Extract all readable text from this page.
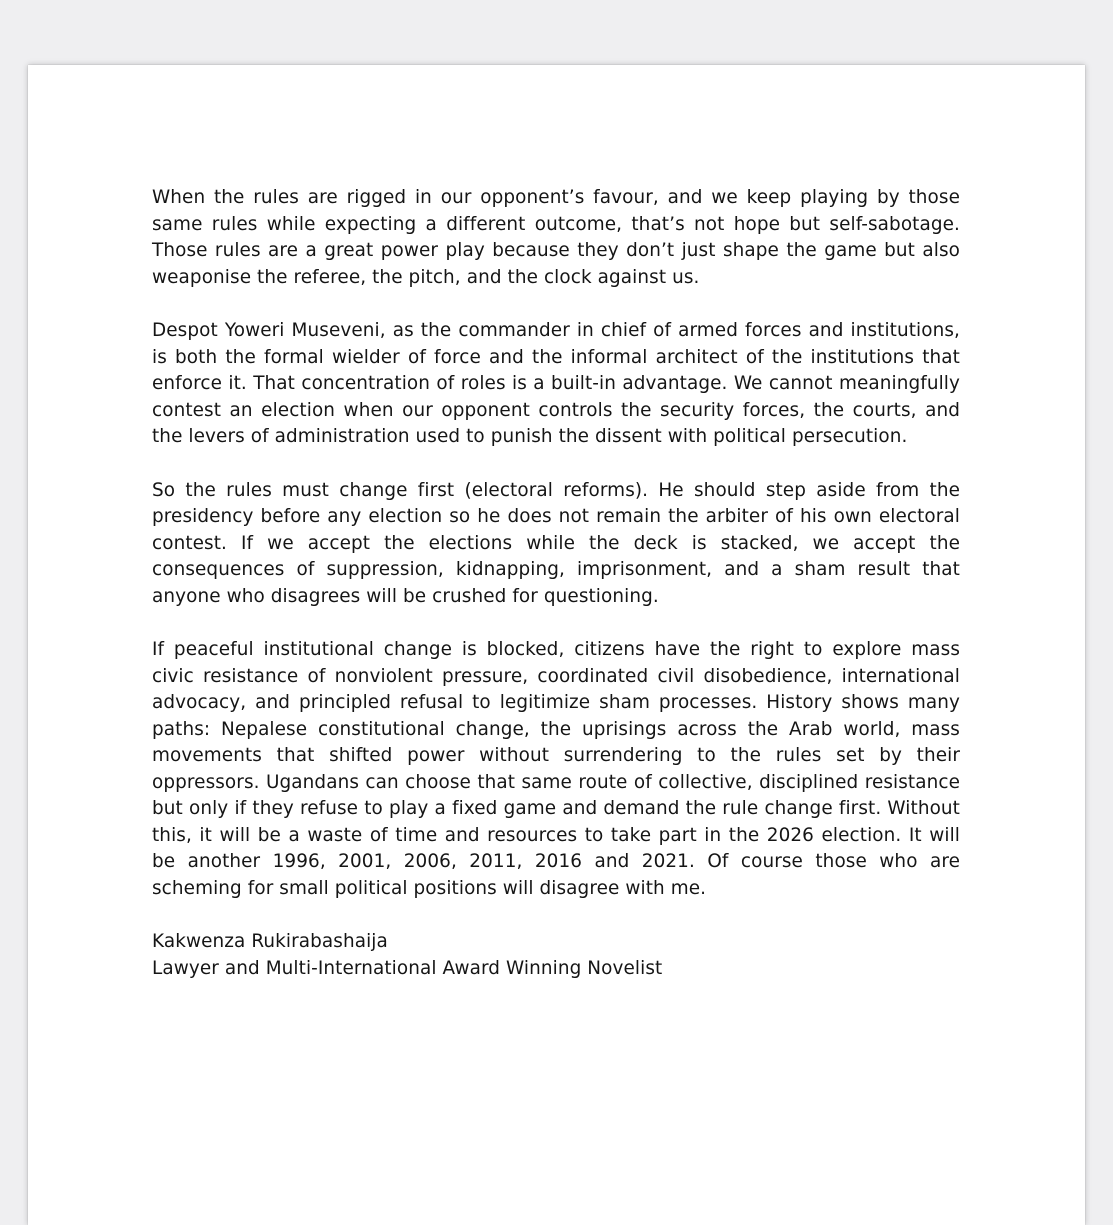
When the rules are rigged in our opponent’s favour, and we keep playing by those same rules while expecting a different outcome, that’s not hope but self-sabotage. Those rules are a great power play because they don’t just shape the game but also weaponise the referee, the pitch, and the clock against us.

Despot Yoweri Museveni, as the commander in chief of armed forces and institutions, is both the formal wielder of force and the informal architect of the institutions that enforce it. That concentration of roles is a built-in advantage. We cannot meaningfully contest an election when our opponent controls the security forces, the courts, and the levers of administration used to punish the dissent with political persecution.

So the rules must change first (electoral reforms). He should step aside from the presidency before any election so he does not remain the arbiter of his own electoral contest. If we accept the elections while the deck is stacked, we accept the consequences of suppression, kidnapping, imprisonment, and a sham result that anyone who disagrees will be crushed for questioning.

If peaceful institutional change is blocked, citizens have the right to explore mass civic resistance of nonviolent pressure, coordinated civil disobedience, international advocacy, and principled refusal to legitimize sham processes. History shows many paths: Nepalese constitutional change, the uprisings across the Arab world, mass movements that shifted power without surrendering to the rules set by their oppressors. Ugandans can choose that same route of collective, disciplined resistance but only if they refuse to play a fixed game and demand the rule change first. Without this, it will be a waste of time and resources to take part in the 2026 election. It will be another 1996, 2001, 2006, 2011, 2016 and 2021. Of course those who are scheming for small political positions will disagree with me.

Kakwenza Rukirabashaija
Lawyer and Multi-International Award Winning Novelist
